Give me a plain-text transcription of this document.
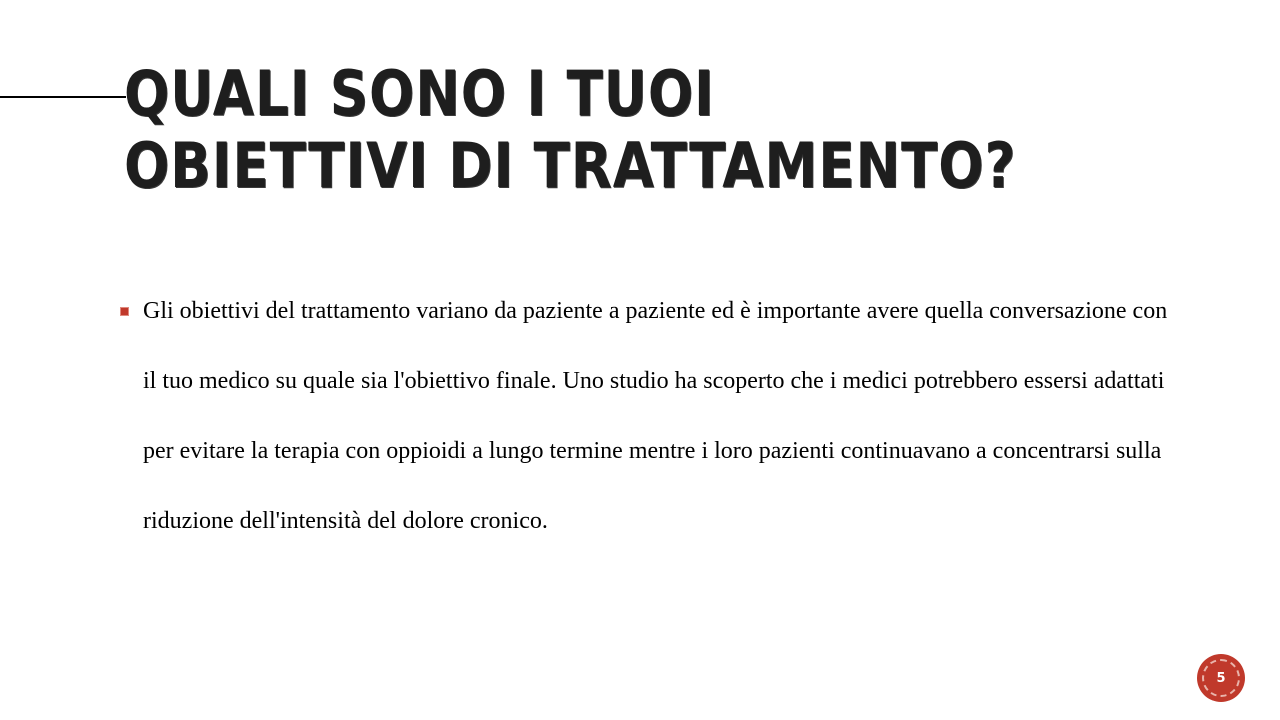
QUALI SONO I TUOI OBIETTIVI DI TRATTAMENTO?

Gli obiettivi del trattamento variano da paziente a paziente ed è importante avere quella conversazione con il tuo medico su quale sia l'obiettivo finale. Uno studio ha scoperto che i medici potrebbero essersi adattati per evitare la terapia con oppioidi a lungo termine mentre i loro pazienti continuavano a concentrarsi sulla riduzione dell'intensità del dolore cronico.

5
